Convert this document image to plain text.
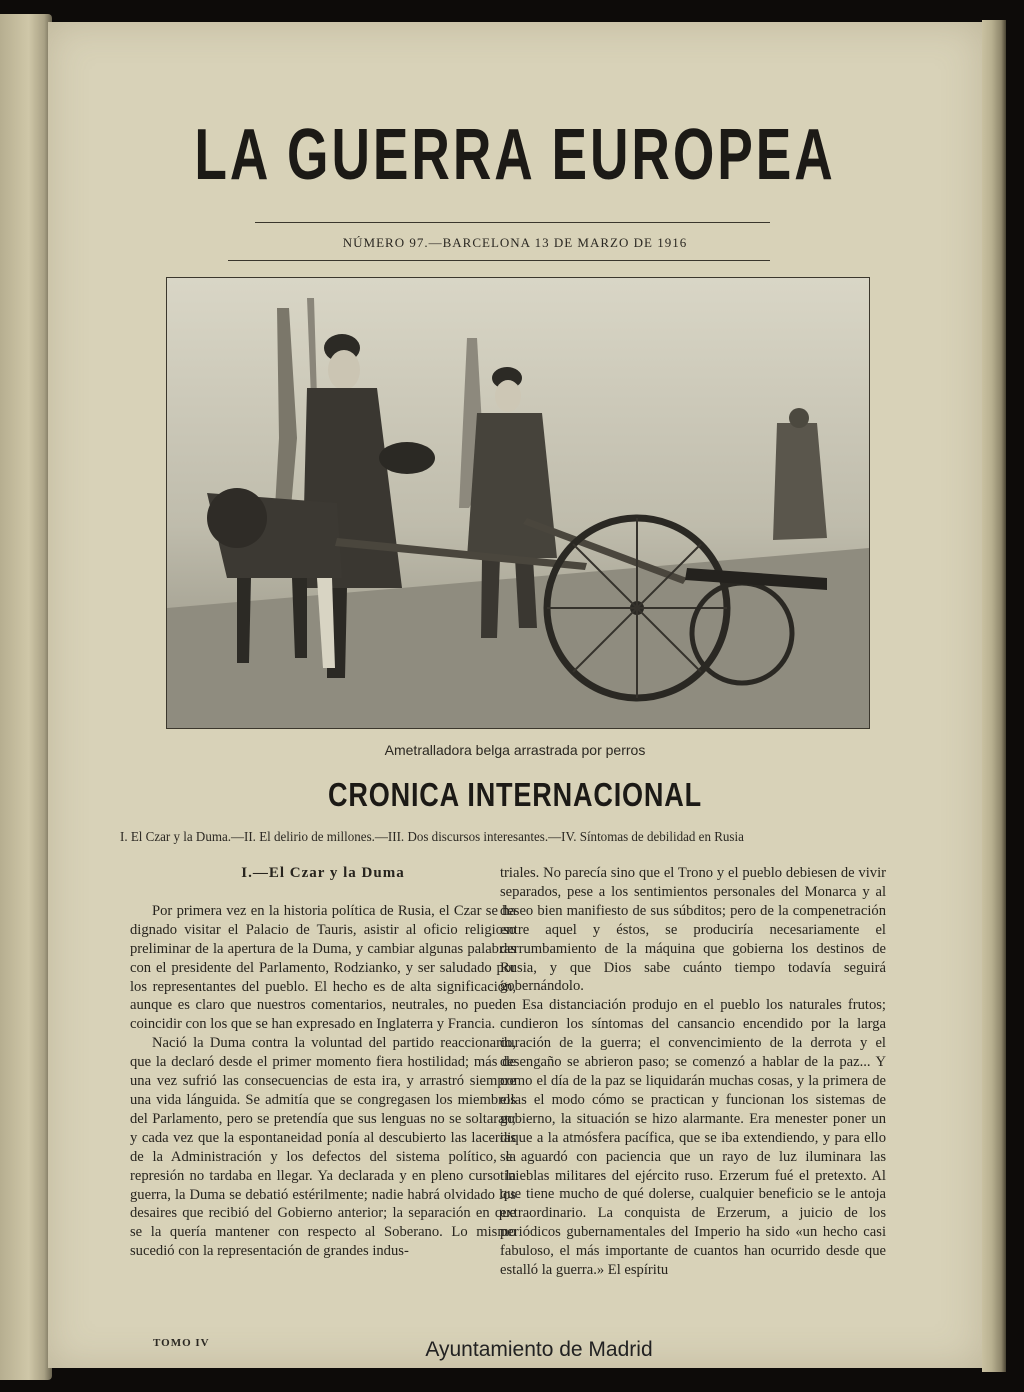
LA GUERRA EUROPEA
NÚMERO 97.—BARCELONA 13 DE MARZO DE 1916
Ametralladora belga arrastrada por perros
CRONICA INTERNACIONAL
I. El Czar y la Duma.—II. El delirio de millones.—III. Dos discursos interesantes.—IV. Síntomas de debilidad en Rusia
I.—El Czar y la Duma

Por primera vez en la historia política de Rusia, el Czar se ha dignado visitar el Palacio de Tauris, asistir al oficio religioso preliminar de la apertura de la Duma, y cambiar algunas palabras con el presidente del Parlamento, Rodzianko, y ser saludado por los representantes del pueblo. El hecho es de alta significación, aunque es claro que nuestros comentarios, neutrales, no pueden coincidir con los que se han expresado en Inglaterra y Francia.

Nació la Duma contra la voluntad del partido reaccionario, que la declaró desde el primer momento fiera hostilidad; más de una vez sufrió las consecuencias de esta ira, y arrastró siempre una vida lánguida. Se admitía que se congregasen los miembros del Parlamento, pero se pretendía que sus lenguas no se soltaran; y cada vez que la espontaneidad ponía al descubierto las lacerias de la Administración y los defectos del sistema político, la represión no tardaba en llegar. Ya declarada y en pleno curso la guerra, la Duma se debatió estérilmente; nadie habrá olvidado los desaires que recibió del Gobierno anterior; la separación en que se la quería mantener con respecto al Soberano. Lo mismo sucedió con la representación de grandes indus-

triales. No parecía sino que el Trono y el pueblo debiesen de vivir separados, pese a los sentimientos personales del Monarca y al deseo bien manifiesto de sus súbditos; pero de la compenetración entre aquel y éstos, se produciría necesariamente el derrumbamiento de la máquina que gobierna los destinos de Rusia, y que Dios sabe cuánto tiempo todavía seguirá gobernándolo.

Esa distanciación produjo en el pueblo los naturales frutos; cundieron los síntomas del cansancio encendido por la larga duración de la guerra; el convencimiento de la derrota y el desengaño se abrieron paso; se comenzó a hablar de la paz... Y como el día de la paz se liquidarán muchas cosas, y la primera de ellas el modo cómo se practican y funcionan los sistemas de gobierno, la situación se hizo alarmante. Era menester poner un dique a la atmósfera pacífica, que se iba extendiendo, y para ello se aguardó con paciencia que un rayo de luz iluminara las tinieblas militares del ejército ruso. Erzerum fué el pretexto. Al que tiene mucho de qué dolerse, cualquier beneficio se le antoja extraordinario. La conquista de Erzerum, a juicio de los periódicos gubernamentales del Imperio ha sido «un hecho casi fabuloso, el más importante de cuantos han ocurrido desde que estalló la guerra.» El espíritu

TOMO IV	Ayuntamiento de Madrid
